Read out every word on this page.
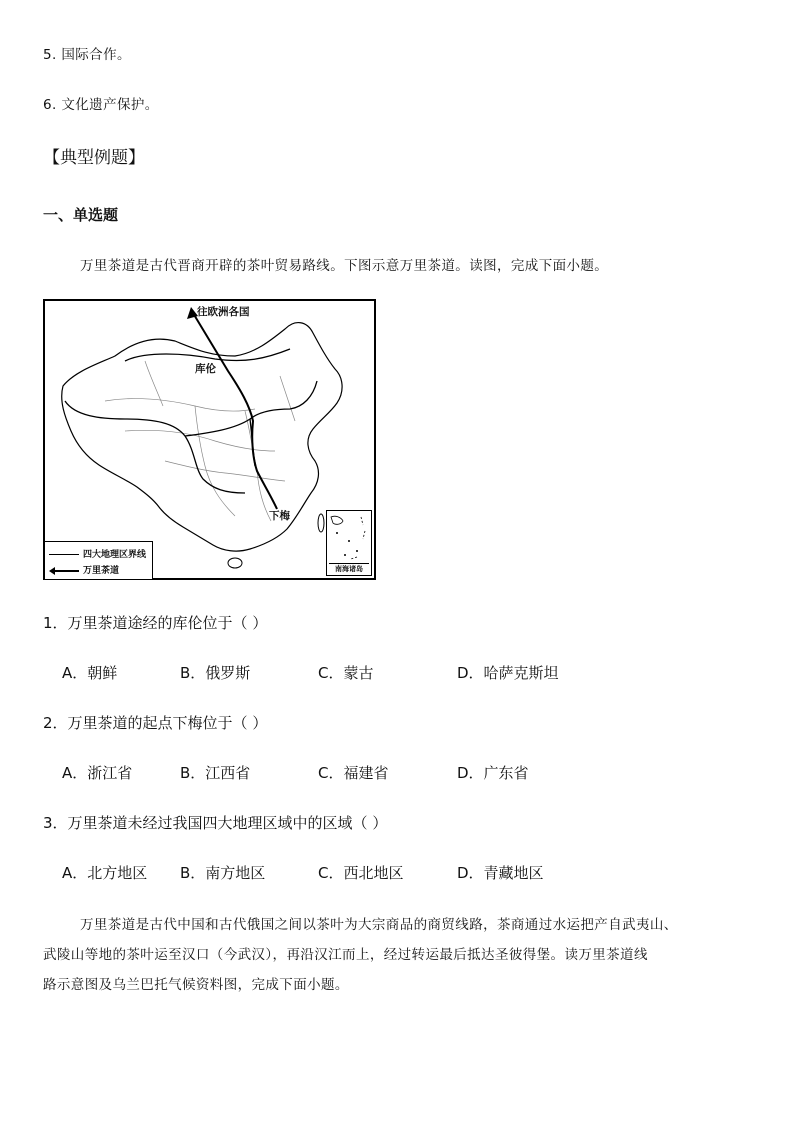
5. 国际合作。
6. 文化遗产保护。
【典型例题】
一、单选题
万里茶道是古代晋商开辟的茶叶贸易路线。下图示意万里茶道。读图，完成下面小题。
往欧洲各国
库伦
下梅
四大地理区界线
万里茶道	南海诸岛
1．万里茶道途经的库伦位于（ ）
A．朝鲜	B．俄罗斯	C．蒙古	D．哈萨克斯坦
2．万里茶道的起点下梅位于（ ）
A．浙江省	B．江西省	C．福建省	D．广东省
3．万里茶道未经过我国四大地理区域中的区域（ ）
A．北方地区 B．南方地区	C．西北地区	D．青藏地区
万里茶道是古代中国和古代俄国之间以茶叶为大宗商品的商贸线路，茶商通过水运把产自武夷山、
武陵山等地的茶叶运至汉口（今武汉），再沿汉江而上，经过转运最后抵达圣彼得堡。读万里茶道线
路示意图及乌兰巴托气候资料图，完成下面小题。
